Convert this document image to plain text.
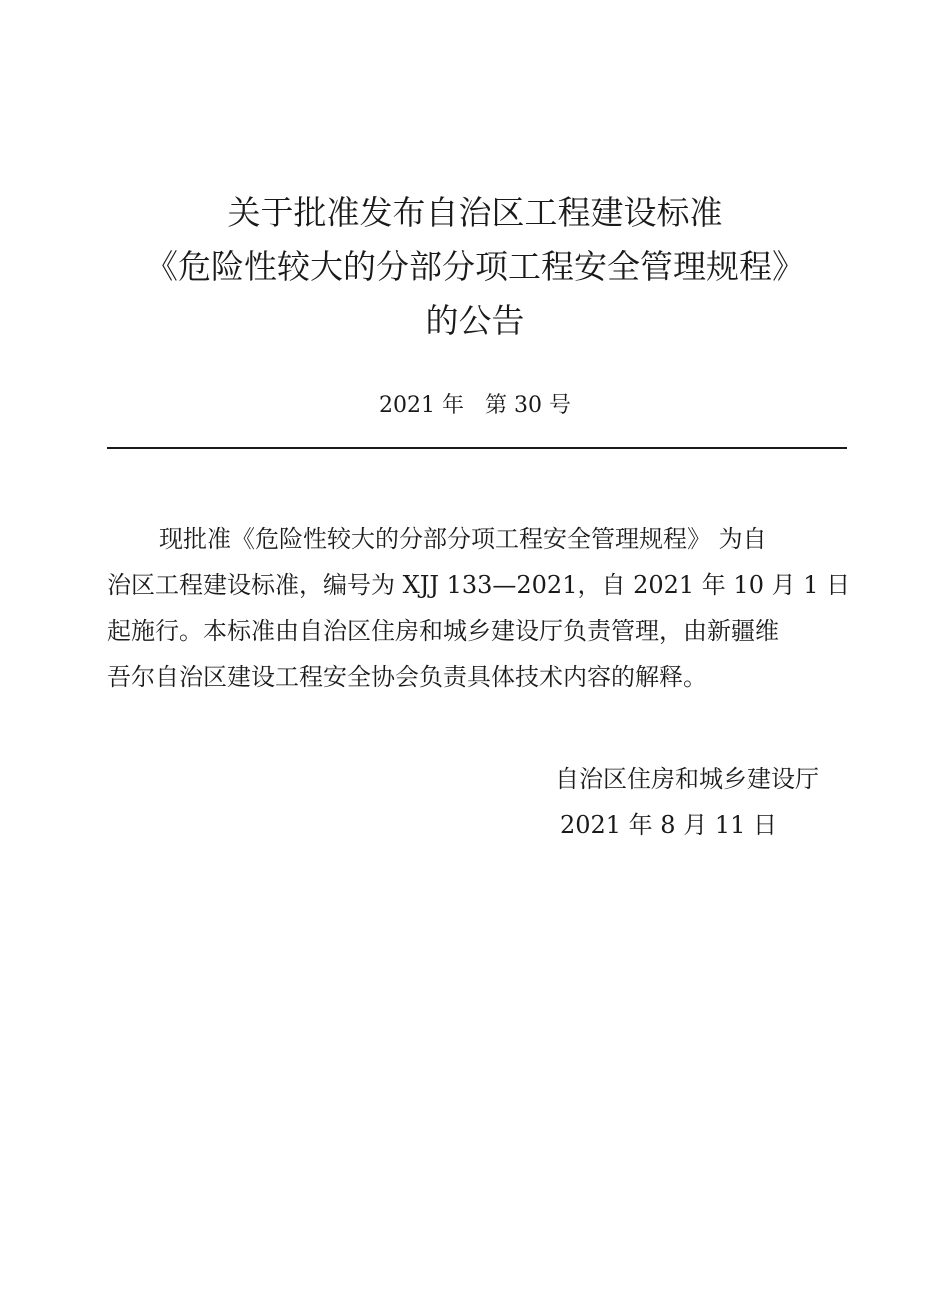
关于批准发布自治区工程建设标准
《危险性较大的分部分项工程安全管理规程》
的公告
2021 年   第 30 号
现批准《危险性较大的分部分项工程安全管理规程》 为自
治区工程建设标准，编号为 XJJ 133—2021，自 2021 年 10 月 1 日
起施行。本标准由自治区住房和城乡建设厅负责管理，由新疆维
吾尔自治区建设工程安全协会负责具体技术内容的解释。
自治区住房和城乡建设厅
2021 年 8 月 11 日
